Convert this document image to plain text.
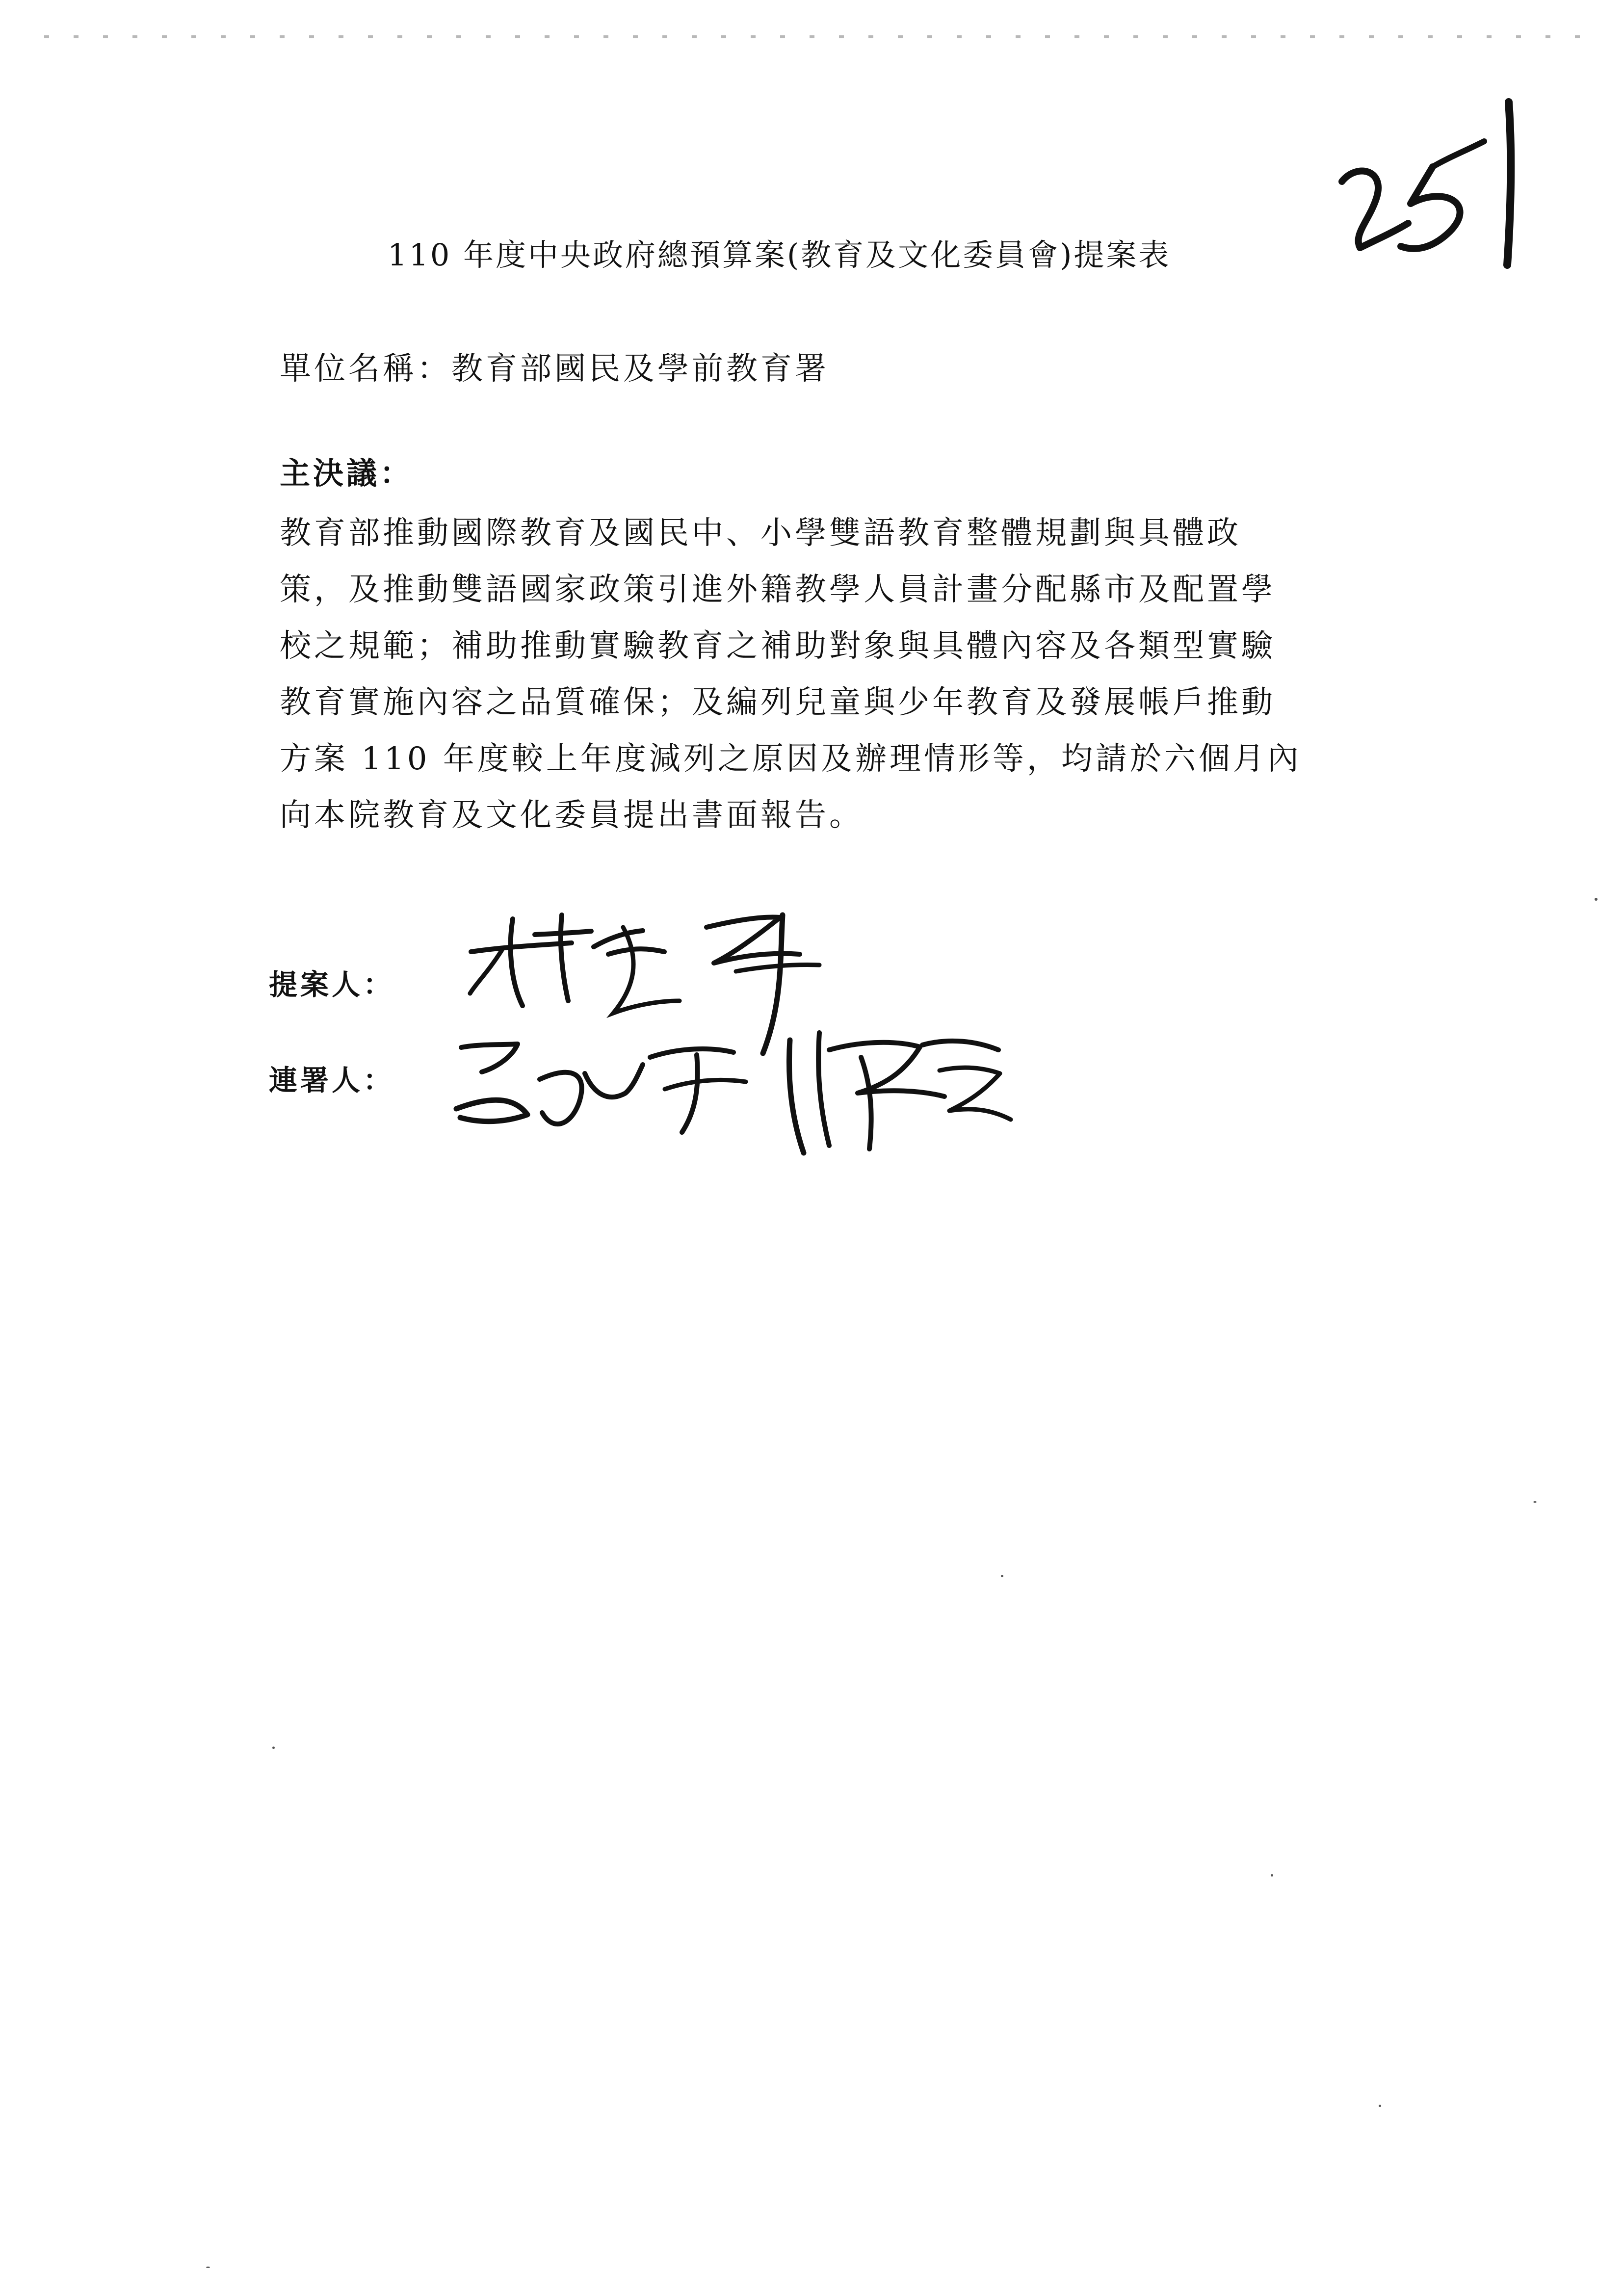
110 年度中央政府總預算案(教育及文化委員會)提案表
單位名稱：教育部國民及學前教育署
主決議：
教育部推動國際教育及國民中、小學雙語教育整體規劃與具體政
策，及推動雙語國家政策引進外籍教學人員計畫分配縣市及配置學
校之規範；補助推動實驗教育之補助對象與具體內容及各類型實驗
教育實施內容之品質確保；及編列兒童與少年教育及發展帳戶推動
方案 110 年度較上年度減列之原因及辦理情形等，均請於六個月內
向本院教育及文化委員提出書面報告。
提案人：
連署人：
